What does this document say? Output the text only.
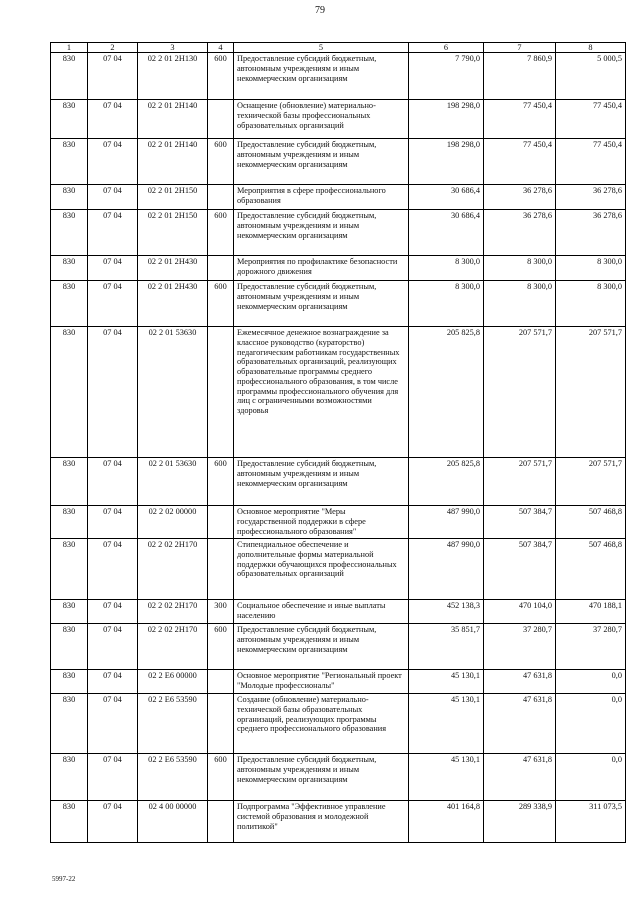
79
1	2	3	4	5	6	7	8
830	07 04	02 2 01 2Н130	600	Предоставление субсидий бюджетным, автономным учреждениям и иным некоммерческим организациям	7 790,0	7 860,9	5 000,5
830	07 04	02 2 01 2Н140		Оснащение (обновление) материально-технической базы профессиональных образовательных организаций	198 298,0	77 450,4	77 450,4
830	07 04	02 2 01 2Н140	600	Предоставление субсидий бюджетным, автономным учреждениям и иным некоммерческим организациям	198 298,0	77 450,4	77 450,4
830	07 04	02 2 01 2Н150		Мероприятия в сфере профессионального образования	30 686,4	36 278,6	36 278,6
830	07 04	02 2 01 2Н150	600	Предоставление субсидий бюджетным, автономным учреждениям и иным некоммерческим организациям	30 686,4	36 278,6	36 278,6
830	07 04	02 2 01 2Н430		Мероприятия по профилактике безопасности дорожного движения	8 300,0	8 300,0	8 300,0
830	07 04	02 2 01 2Н430	600	Предоставление субсидий бюджетным, автономным учреждениям и иным некоммерческим организациям	8 300,0	8 300,0	8 300,0
830	07 04	02 2 01 53630		Ежемесячное денежное вознаграждение за классное руководство (кураторство) педагогическим работникам государственных образовательных организаций, реализующих образовательные программы среднего профессионального образования, в том числе программы профессионального обучения для лиц с ограниченными возможностями здоровья	205 825,8	207 571,7	207 571,7
830	07 04	02 2 01 53630	600	Предоставление субсидий бюджетным, автономным учреждениям и иным некоммерческим организациям	205 825,8	207 571,7	207 571,7
830	07 04	02 2 02 00000		Основное мероприятие "Меры государственной поддержки в сфере профессионального образования"	487 990,0	507 384,7	507 468,8
830	07 04	02 2 02 2Н170		Стипендиальное обеспечение и дополнительные формы материальной поддержки обучающихся профессиональных образовательных организаций	487 990,0	507 384,7	507 468,8
830	07 04	02 2 02 2Н170	300	Социальное обеспечение и иные выплаты населению	452 138,3	470 104,0	470 188,1
830	07 04	02 2 02 2Н170	600	Предоставление субсидий бюджетным, автономным учреждениям и иным некоммерческим организациям	35 851,7	37 280,7	37 280,7
830	07 04	02 2 Е6 00000		Основное мероприятие "Региональный проект "Молодые профессионалы"	45 130,1	47 631,8	0,0
830	07 04	02 2 Е6 53590		Создание (обновление) материально-технической базы образовательных организаций, реализующих программы среднего профессионального образования	45 130,1	47 631,8	0,0
830	07 04	02 2 Е6 53590	600	Предоставление субсидий бюджетным, автономным учреждениям и иным некоммерческим организациям	45 130,1	47 631,8	0,0
830	07 04	02 4 00 00000		Подпрограмма "Эффективное управление системой образования и молодежной политикой"	401 164,8	289 338,9	311 073,5
5997-22
